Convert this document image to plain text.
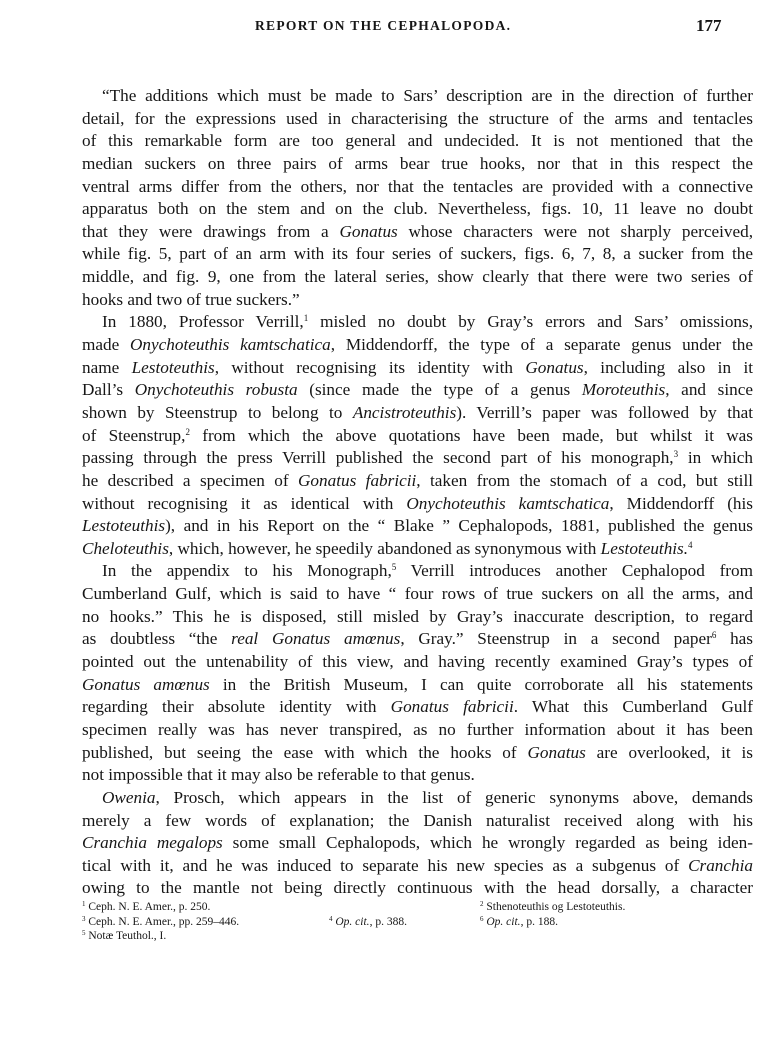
REPORT ON THE CEPHALOPODA.	177
“The additions which must be made to Sars’ description are in the direction of further
detail, for the expressions used in characterising the structure of the arms and tentacles
of this remarkable form are too general and undecided. It is not mentioned that the
median suckers on three pairs of arms bear true hooks, nor that in this respect the
ventral arms differ from the others, nor that the tentacles are provided with a connective
apparatus both on the stem and on the club. Nevertheless, figs. 10, 11 leave no doubt
that they were drawings from a Gonatus whose characters were not sharply perceived,
while fig. 5, part of an arm with its four series of suckers, figs. 6, 7, 8, a sucker from the
middle, and fig. 9, one from the lateral series, show clearly that there were two series of
hooks and two of true suckers.”
In 1880, Professor Verrill,$^1$ misled no doubt by Gray’s errors and Sars’ omissions,
made Onychoteuthis kamtschatica, Middendorff, the type of a separate genus under the
name Lestoteuthis, without recognising its identity with Gonatus, including also in it
Dall’s Onychoteuthis robusta (since made the type of a genus Moroteuthis, and since
shown by Steenstrup to belong to Ancistroteuthis). Verrill’s paper was followed by that
of Steenstrup,$^2$ from which the above quotations have been made, but whilst it was
passing through the press Verrill published the second part of his monograph,$^3$ in which
he described a specimen of Gonatus fabricii, taken from the stomach of a cod, but still
without recognising it as identical with Onychoteuthis kamtschatica, Middendorff (his
Lestoteuthis), and in his Report on the “ Blake ” Cephalopods, 1881, published the genus
Cheloteuthis, which, however, he speedily abandoned as synonymous with Lestoteuthis.$^4$
In the appendix to his Monograph,$^5$ Verrill introduces another Cephalopod from
Cumberland Gulf, which is said to have “ four rows of true suckers on all the arms, and
no hooks.” This he is disposed, still misled by Gray’s inaccurate description, to regard
as doubtless “the real Gonatus amœnus, Gray.” Steenstrup in a second paper$^6$ has
pointed out the untenability of this view, and having recently examined Gray’s types of
Gonatus amœnus in the British Museum, I can quite corroborate all his statements
regarding their absolute identity with Gonatus fabricii. What this Cumberland Gulf
specimen really was has never transpired, as no further information about it has been
published, but seeing the ease with which the hooks of Gonatus are overlooked, it is
not impossible that it may also be referable to that genus.
Owenia, Prosch, which appears in the list of generic synonyms above, demands
merely a few words of explanation; the Danish naturalist received along with his
Cranchia megalops some small Cephalopods, which he wrongly regarded as being iden-
tical with it, and he was induced to separate his new species as a subgenus of Cranchia
owing to the mantle not being directly continuous with the head dorsally, a character
$^1$ Ceph. N. E. Amer., p. 250.	$^2$ Sthenoteuthis og Lestoteuthis.
$^3$ Ceph. N. E. Amer., pp. 259–446.	$^4$ Op. cit., p. 388.	$^6$ Op. cit., p. 188.
$^5$ Notæ Teuthol., I.
